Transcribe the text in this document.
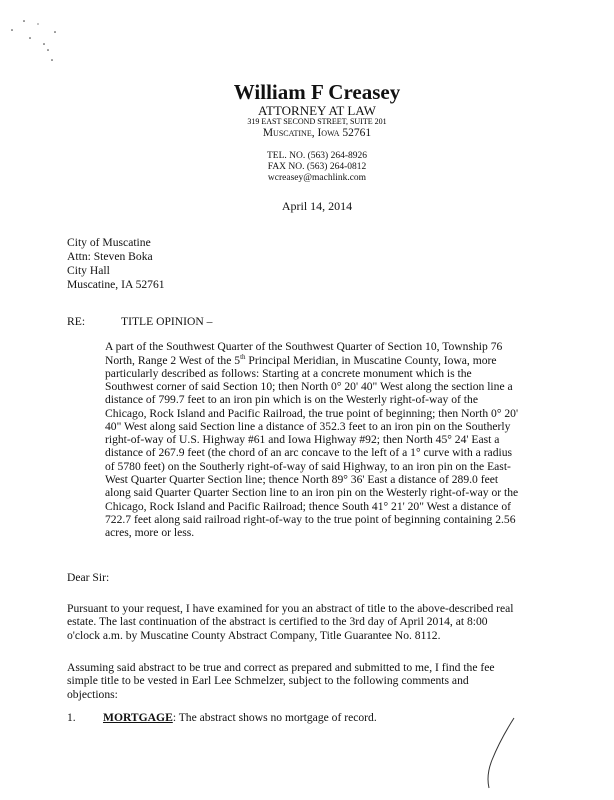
William F Creasey
ATTORNEY AT LAW
319 EAST SECOND STREET, SUITE 201
Muscatine, Iowa 52761
TEL. NO. (563) 264-8926
FAX NO. (563) 264-0812
wcreasey@machlink.com
April 14, 2014
City of Muscatine
Attn: Steven Boka
City Hall
Muscatine, IA 52761
RE:	TITLE OPINION –
A part of the Southwest Quarter of the Southwest Quarter of Section 10, Township 76
North, Range 2 West of the 5th Principal Meridian, in Muscatine County, Iowa, more
particularly described as follows: Starting at a concrete monument which is the
Southwest corner of said Section 10; then North 0° 20' 40" West along the section line a
distance of 799.7 feet to an iron pin which is on the Westerly right-of-way of the
Chicago, Rock Island and Pacific Railroad, the true point of beginning; then North 0° 20'
40" West along said Section line a distance of 352.3 feet to an iron pin on the Southerly
right-of-way of U.S. Highway #61 and Iowa Highway #92; then North 45° 24' East a
distance of 267.9 feet (the chord of an arc concave to the left of a 1° curve with a radius
of 5780 feet) on the Southerly right-of-way of said Highway, to an iron pin on the East-
West Quarter Quarter Section line; thence North 89° 36' East a distance of 289.0 feet
along said Quarter Quarter Section line to an iron pin on the Westerly right-of-way or the
Chicago, Rock Island and Pacific Railroad; thence South 41° 21' 20" West a distance of
722.7 feet along said railroad right-of-way to the true point of beginning containing 2.56
acres, more or less.
Dear Sir:
Pursuant to your request, I have examined for you an abstract of title to the above-described real
estate. The last continuation of the abstract is certified to the 3rd day of April 2014, at 8:00
o'clock a.m. by Muscatine County Abstract Company, Title Guarantee No. 8112.
Assuming said abstract to be true and correct as prepared and submitted to me, I find the fee
simple title to be vested in Earl Lee Schmelzer, subject to the following comments and
objections:
1. MORTGAGE: The abstract shows no mortgage of record.
